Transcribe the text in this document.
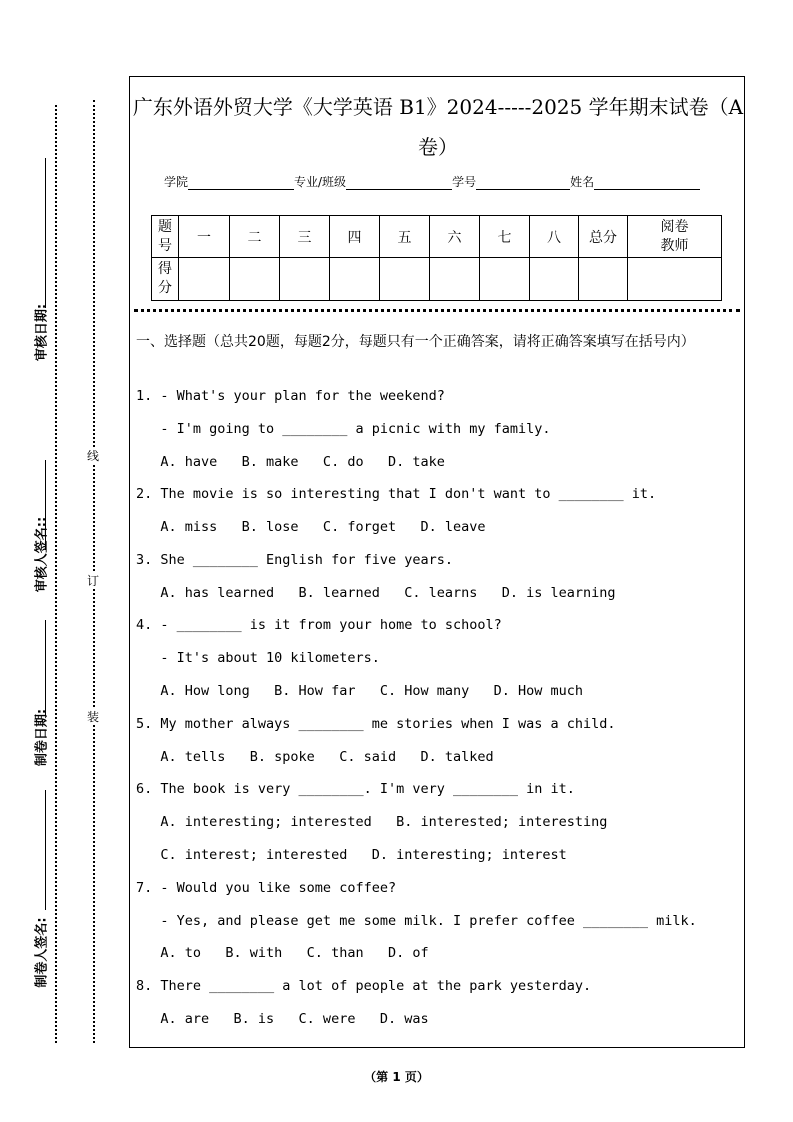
审核日期:
审核人签名::
制卷日期:
制卷人签名:
线
订
装
广东外语外贸大学《大学英语 B1》2024-----2025 学年期末试卷（A
卷）
学院	专业/班级	学号	姓名
题号	一	二	三	四	五	六	七	八	总分	阅卷教师

得分										
一、选择题（总共20题，每题2分，每题只有一个正确答案，请将正确答案填写在括号内）
1. - What's your plan for the weekend?
- I'm going to ________ a picnic with my family.
A. have   B. make   C. do   D. take
2. The movie is so interesting that I don't want to ________ it.
A. miss   B. lose   C. forget   D. leave
3. She ________ English for five years.
A. has learned   B. learned   C. learns   D. is learning
4. - ________ is it from your home to school?
- It's about 10 kilometers.
A. How long   B. How far   C. How many   D. How much
5. My mother always ________ me stories when I was a child.
A. tells   B. spoke   C. said   D. talked
6. The book is very ________. I'm very ________ in it.
A. interesting; interested   B. interested; interesting
C. interest; interested   D. interesting; interest
7. - Would you like some coffee?
- Yes, and please get me some milk. I prefer coffee ________ milk.
A. to   B. with   C. than   D. of
8. There ________ a lot of people at the park yesterday.
A. are   B. is   C. were   D. was
（第 1 页）
